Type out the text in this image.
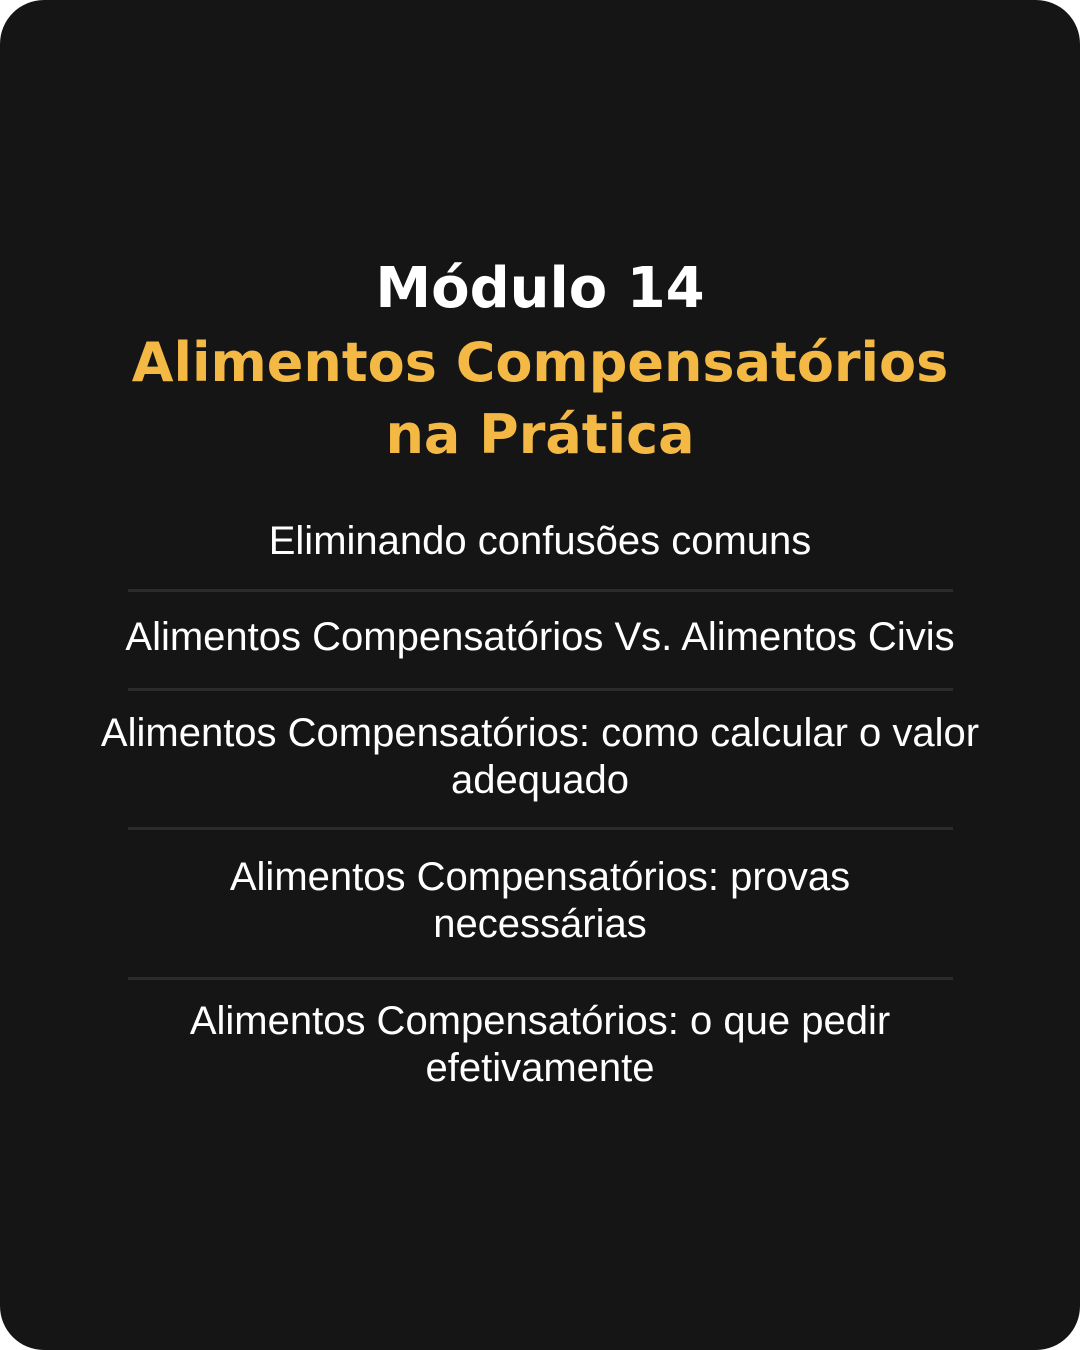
Módulo 14
Alimentos Compensatórios
na Prática
Eliminando confusões comuns
Alimentos Compensatórios Vs. Alimentos Civis
Alimentos Compensatórios: como calcular o valor adequado
Alimentos Compensatórios: provas necessárias
Alimentos Compensatórios: o que pedir efetivamente
